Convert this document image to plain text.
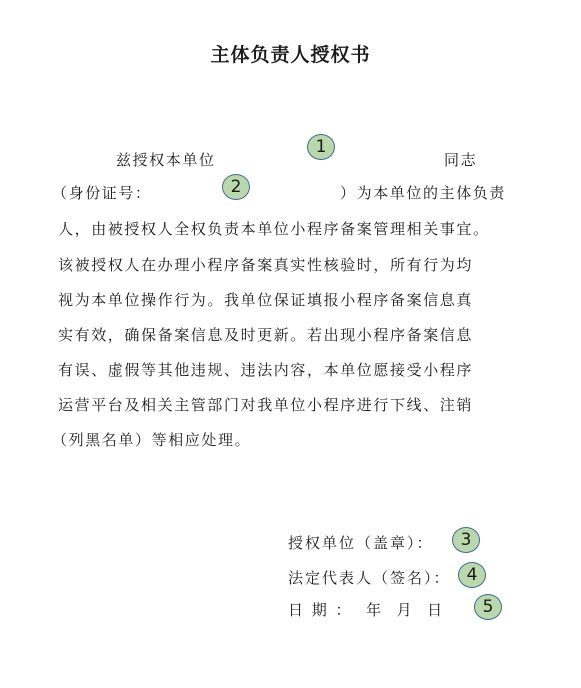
主体负责人授权书
兹授权本单位
1
同志
（身份证号：	2	）为本单位的主体负责
人，由被授权人全权负责本单位小程序备案管理相关事宜。
该被授权人在办理小程序备案真实性核验时，所有行为均
视为本单位操作行为。我单位保证填报小程序备案信息真
实有效，确保备案信息及时更新。若出现小程序备案信息
有误、虚假等其他违规、违法内容，本单位愿接受小程序
运营平台及相关主管部门对我单位小程序进行下线、注销
（列黑名单）等相应处理。
授权单位（盖章）：	3
法定代表人（签名）： 4
日 期 ：  年  月  日	5
